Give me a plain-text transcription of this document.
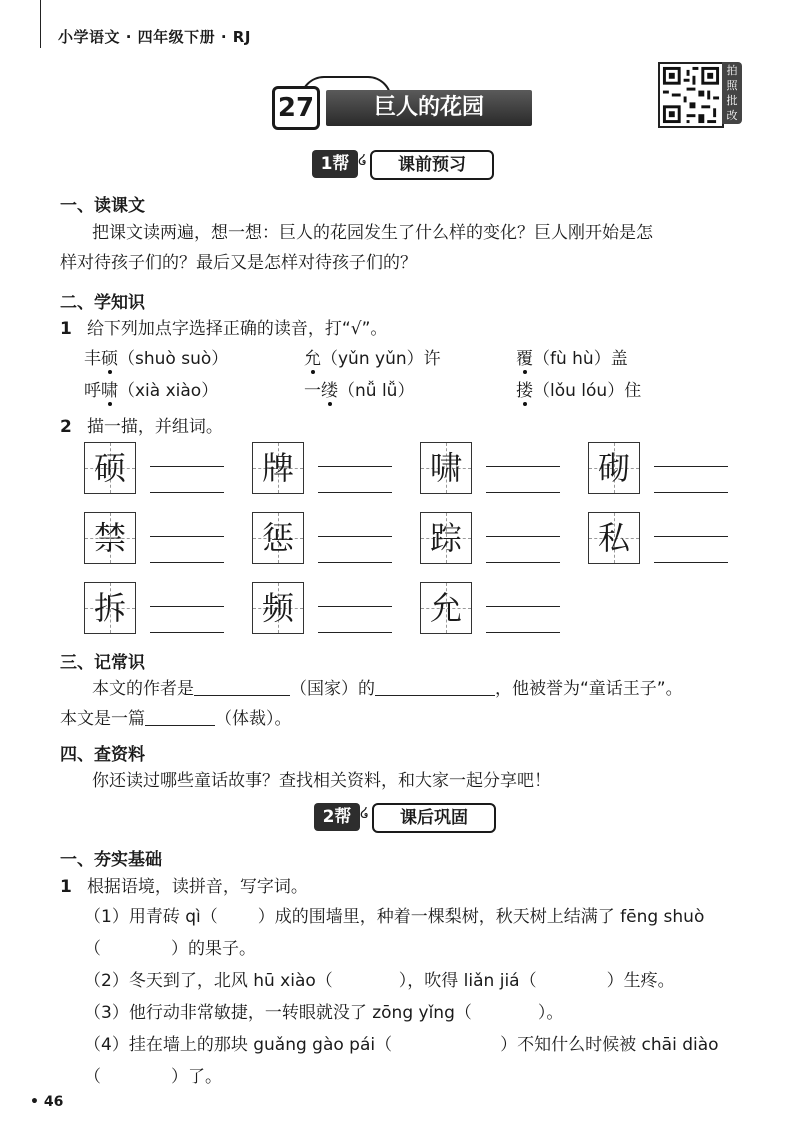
小学语文 · 四年级下册 · RJ
巨人的花园
27
拍
照
批
改
1帮 ໒	课前预习
一、读课文
把课文读两遍，想一想：巨人的花园发生了什么样的变化？巨人刚开始是怎
样对待孩子们的？最后又是怎样对待孩子们的？
二、学知识
1 给下列加点字选择正确的读音，打“√”。
丰硕（shuò suò）	允（yǔn yǔn）许	覆（fù hù）盖
呼啸（xià xiào）	一缕（nǚ lǚ）	搂（lǒu lóu）住
2 描一描，并组词。
硕	牌	啸	砌
禁	惩	踪	私
拆	频	允
三、记常识
本文的作者是	（国家）的	，他被誉为“童话王子”。
本文是一篇	（体裁）。
四、查资料
你还读过哪些童话故事？查找相关资料，和大家一起分享吧！
2帮 ໒	课后巩固
一、夯实基础
1 根据语境，读拼音，写字词。
（1）用青砖 qì（ ）成的围墙里，种着一棵梨树，秋天树上结满了 fēng shuò
（	）的果子。
（2）冬天到了，北风 hū xiào（	），吹得 liǎn jiá（	）生疼。
（3）他行动非常敏捷，一转眼就没了 zōng yǐng（	）。
（4）挂在墙上的那块 guǎng gào pái（	）不知什么时候被 chāi diào
（	）了。
• 46
